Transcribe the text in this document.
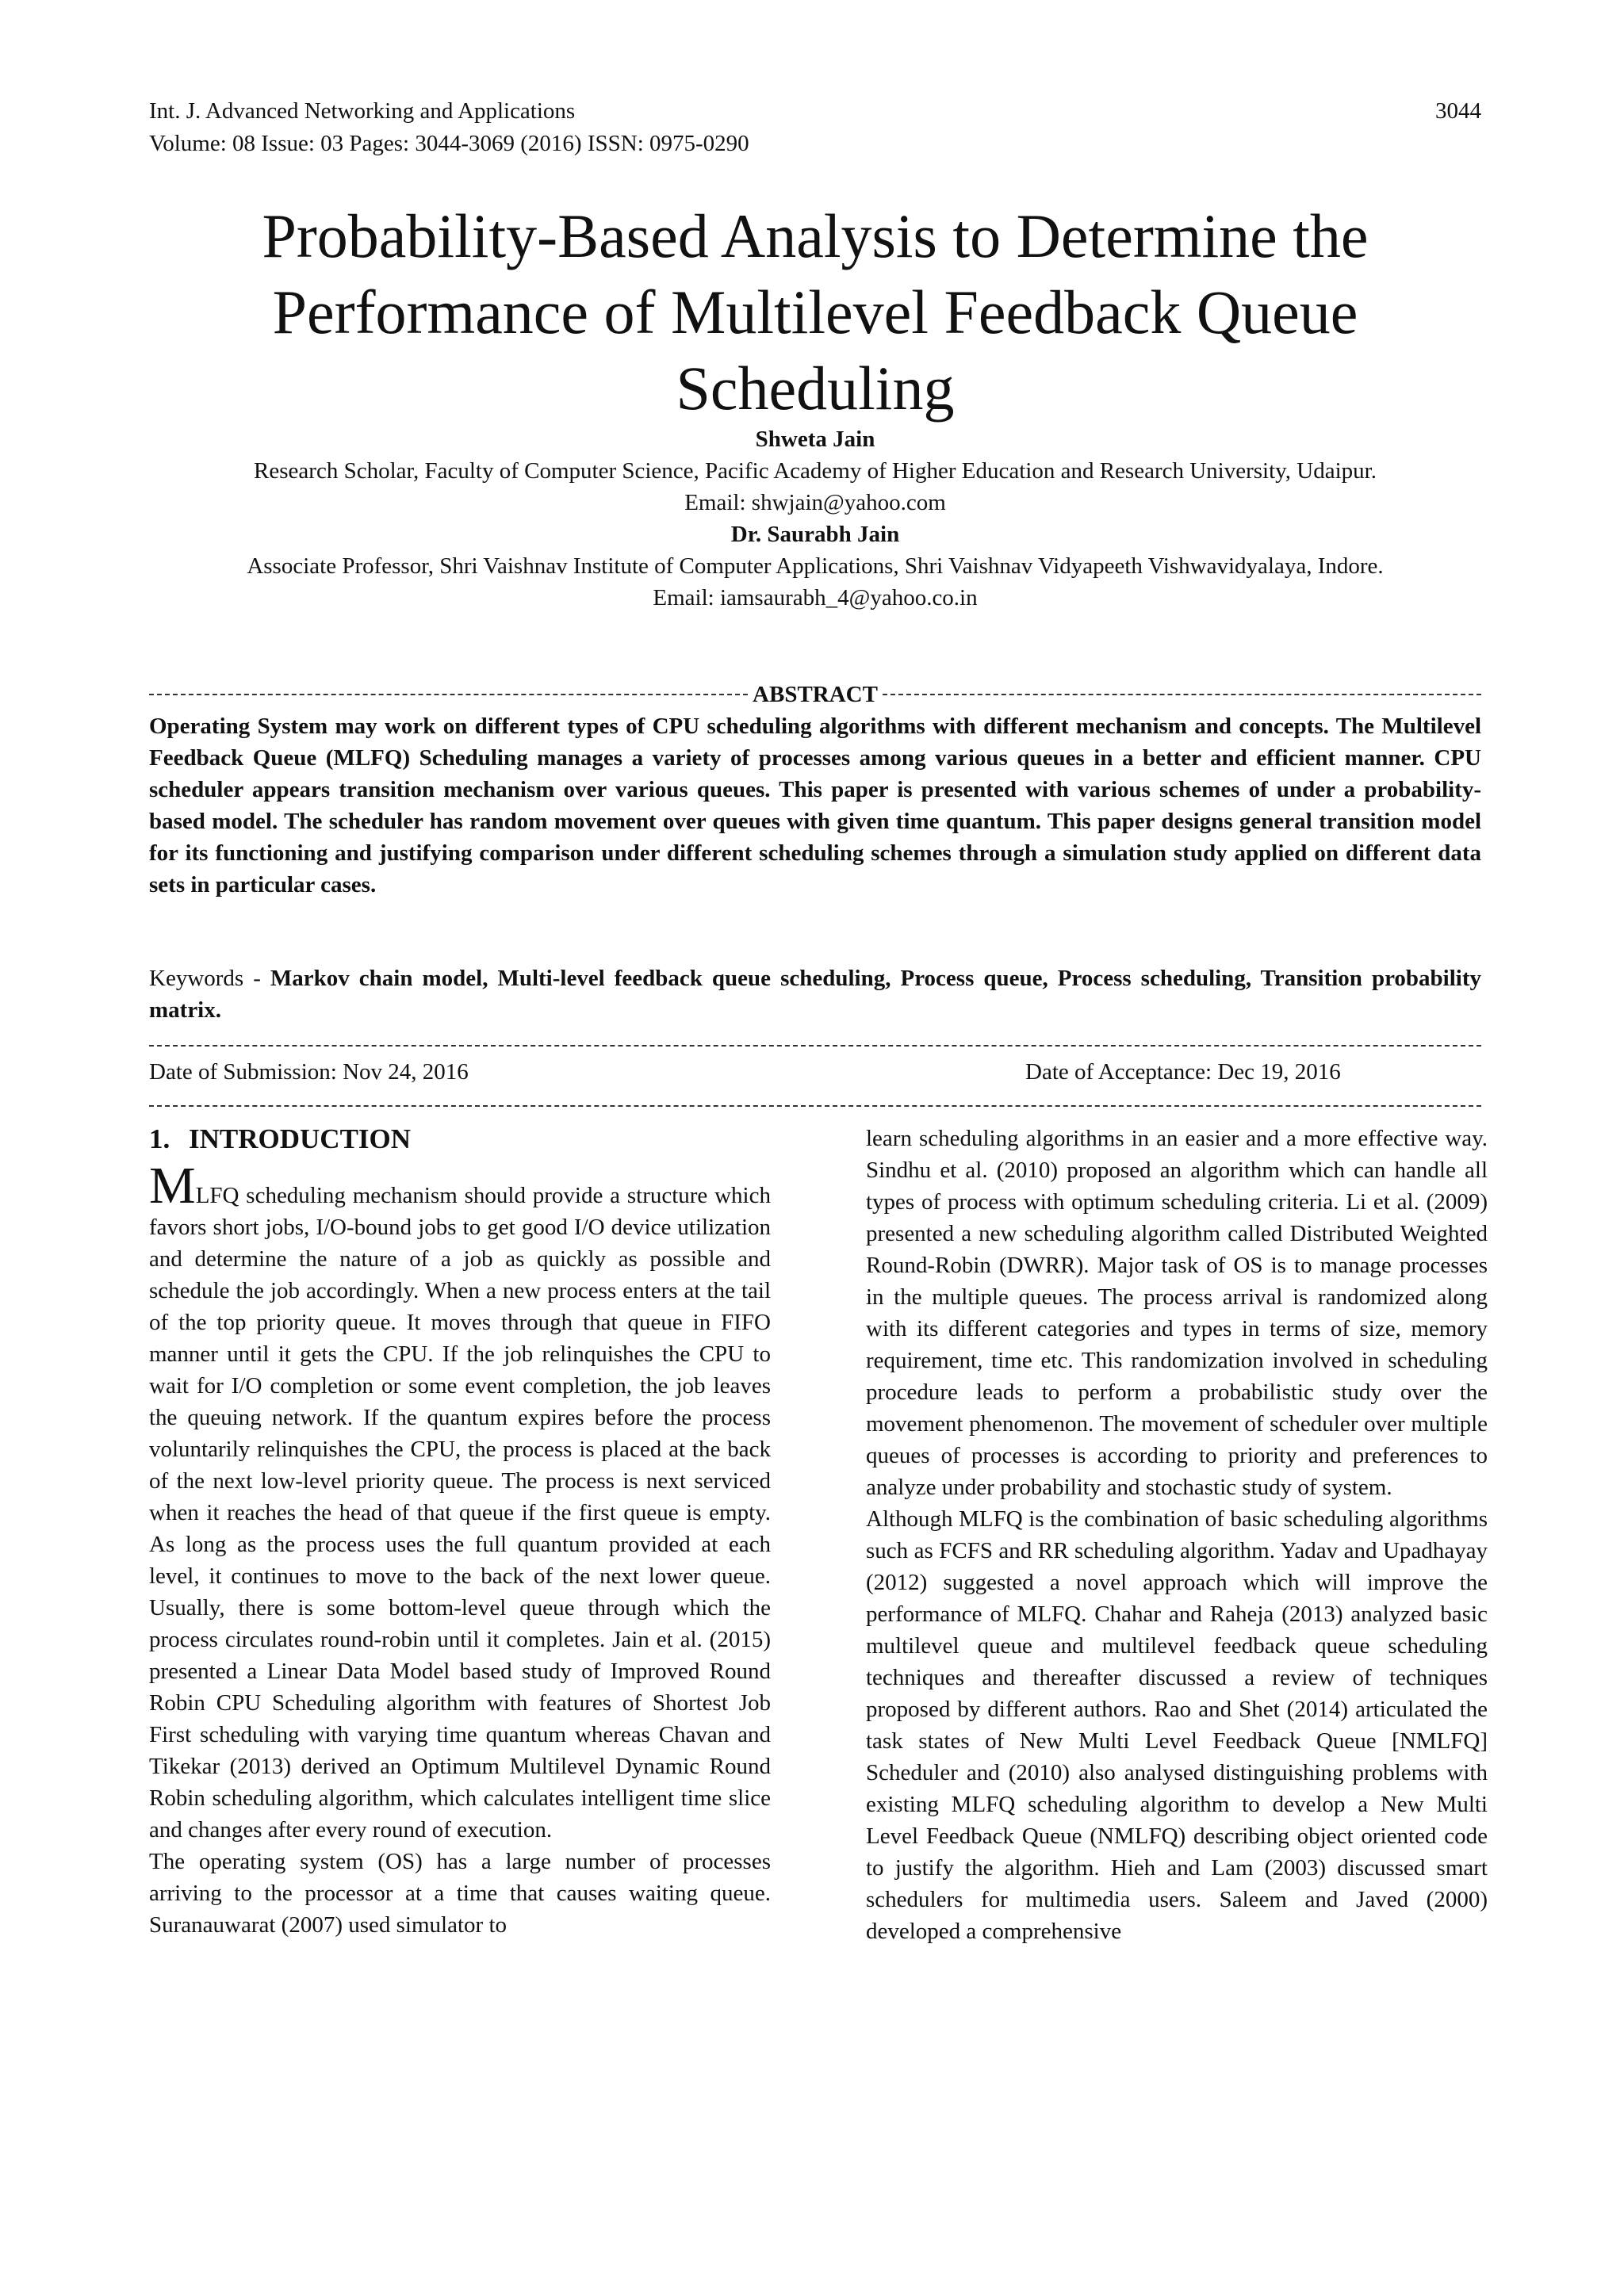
Int. J. Advanced Networking and Applications	3044
Volume: 08 Issue: 03 Pages: 3044-3069 (2016) ISSN: 0975-0290
Probability-Based Analysis to Determine the Performance of Multilevel Feedback Queue Scheduling
Shweta Jain
Research Scholar, Faculty of Computer Science, Pacific Academy of Higher Education and Research University, Udaipur.
Email: shwjain@yahoo.com
Dr. Saurabh Jain
Associate Professor, Shri Vaishnav Institute of Computer Applications, Shri Vaishnav Vidyapeeth Vishwavidyalaya, Indore.
Email: iamsaurabh_4@yahoo.co.in
ABSTRACT

Operating System may work on different types of CPU scheduling algorithms with different mechanism and concepts. The Multilevel Feedback Queue (MLFQ) Scheduling manages a variety of processes among various queues in a better and efficient manner. CPU scheduler appears transition mechanism over various queues. This paper is presented with various schemes of under a probability-based model. The scheduler has random movement over queues with given time quantum. This paper designs general transition model for its functioning and justifying comparison under different scheduling schemes through a simulation study applied on different data sets in particular cases.

Keywords - Markov chain model, Multi-level feedback queue scheduling, Process queue, Process scheduling, Transition probability matrix.

Date of Submission: Nov 24, 2016	Date of Acceptance: Dec 19, 2016
1. INTRODUCTION

MLFQ scheduling mechanism should provide a structure which favors short jobs, I/O-bound jobs to get good I/O device utilization and determine the nature of a job as quickly as possible and schedule the job accordingly. When a new process enters at the tail of the top priority queue. It moves through that queue in FIFO manner until it gets the CPU. If the job relinquishes the CPU to wait for I/O completion or some event completion, the job leaves the queuing network. If the quantum expires before the process voluntarily relinquishes the CPU, the process is placed at the back of the next low-level priority queue. The process is next serviced when it reaches the head of that queue if the first queue is empty. As long as the process uses the full quantum provided at each level, it continues to move to the back of the next lower queue. Usually, there is some bottom-level queue through which the process circulates round-robin until it completes. Jain et al. (2015) presented a Linear Data Model based study of Improved Round Robin CPU Scheduling algorithm with features of Shortest Job First scheduling with varying time quantum whereas Chavan and Tikekar (2013) derived an Optimum Multilevel Dynamic Round Robin scheduling algorithm, which calculates intelligent time slice and changes after every round of execution.

The operating system (OS) has a large number of processes arriving to the processor at a time that causes waiting queue. Suranauwarat (2007) used simulator to

learn scheduling algorithms in an easier and a more effective way. Sindhu et al. (2010) proposed an algorithm which can handle all types of process with optimum scheduling criteria. Li et al. (2009) presented a new scheduling algorithm called Distributed Weighted Round-Robin (DWRR). Major task of OS is to manage processes in the multiple queues. The process arrival is randomized along with its different categories and types in terms of size, memory requirement, time etc. This randomization involved in scheduling procedure leads to perform a probabilistic study over the movement phenomenon. The movement of scheduler over multiple queues of processes is according to priority and preferences to analyze under probability and stochastic study of system.

Although MLFQ is the combination of basic scheduling algorithms such as FCFS and RR scheduling algorithm. Yadav and Upadhayay (2012) suggested a novel approach which will improve the performance of MLFQ. Chahar and Raheja (2013) analyzed basic multilevel queue and multilevel feedback queue scheduling techniques and thereafter discussed a review of techniques proposed by different authors. Rao and Shet (2014) articulated the task states of New Multi Level Feedback Queue [NMLFQ] Scheduler and (2010) also analysed distinguishing problems with existing MLFQ scheduling algorithm to develop a New Multi Level Feedback Queue (NMLFQ) describing object oriented code to justify the algorithm. Hieh and Lam (2003) discussed smart schedulers for multimedia users. Saleem and Javed (2000) developed a comprehensive
